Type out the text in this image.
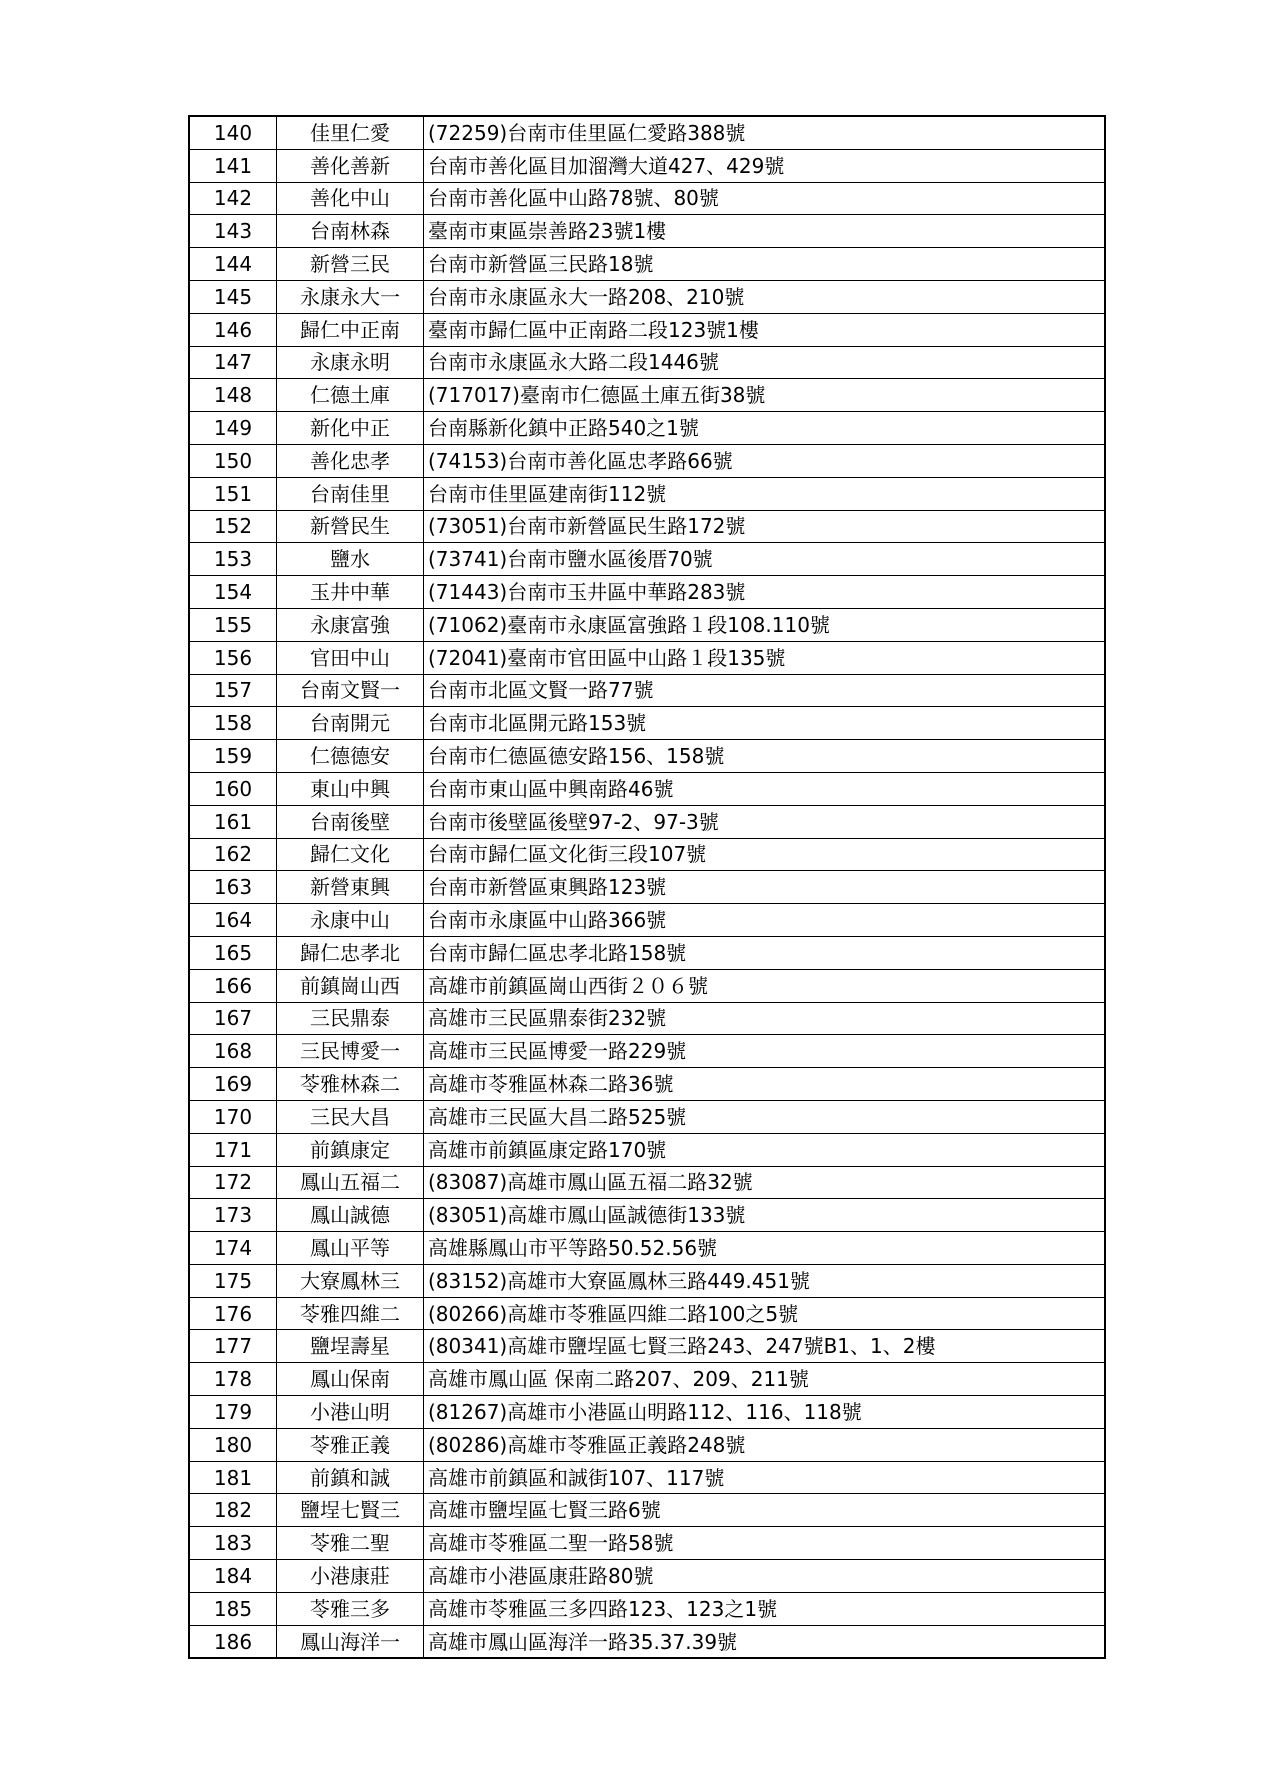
140	佳里仁愛	(72259)台南市佳里區仁愛路388號
141	善化善新	台南市善化區目加溜灣大道427、429號
142	善化中山	台南市善化區中山路78號、80號
143	台南林森	臺南市東區崇善路23號1樓
144	新營三民	台南市新營區三民路18號
145	永康永大一	台南市永康區永大一路208、210號
146	歸仁中正南	臺南市歸仁區中正南路二段123號1樓
147	永康永明	台南市永康區永大路二段1446號
148	仁德土庫	(717017)臺南市仁德區土庫五街38號
149	新化中正	台南縣新化鎮中正路540之1號
150	善化忠孝	(74153)台南市善化區忠孝路66號
151	台南佳里	台南市佳里區建南街112號
152	新營民生	(73051)台南市新營區民生路172號
153	鹽水	(73741)台南市鹽水區後厝70號
154	玉井中華	(71443)台南市玉井區中華路283號
155	永康富強	(71062)臺南市永康區富強路１段108.110號
156	官田中山	(72041)臺南市官田區中山路１段135號
157	台南文賢一	台南市北區文賢一路77號
158	台南開元	台南市北區開元路153號
159	仁德德安	台南市仁德區德安路156、158號
160	東山中興	台南市東山區中興南路46號
161	台南後壁	台南市後壁區後壁97-2、97-3號
162	歸仁文化	台南市歸仁區文化街三段107號
163	新營東興	台南市新營區東興路123號
164	永康中山	台南市永康區中山路366號
165	歸仁忠孝北	台南市歸仁區忠孝北路158號
166	前鎮崗山西	高雄市前鎮區崗山西街２０６號
167	三民鼎泰	高雄市三民區鼎泰街232號
168	三民博愛一	高雄市三民區博愛一路229號
169	苓雅林森二	高雄市苓雅區林森二路36號
170	三民大昌	高雄市三民區大昌二路525號
171	前鎮康定	高雄市前鎮區康定路170號
172	鳳山五福二	(83087)高雄市鳳山區五福二路32號
173	鳳山誠德	(83051)高雄市鳳山區誠德街133號
174	鳳山平等	高雄縣鳳山市平等路50.52.56號
175	大寮鳳林三	(83152)高雄市大寮區鳳林三路449.451號
176	苓雅四維二	(80266)高雄市苓雅區四維二路100之5號
177	鹽埕壽星	(80341)高雄市鹽埕區七賢三路243、247號B1、1、2樓
178	鳳山保南	高雄市鳳山區 保南二路207、209、211號
179	小港山明	(81267)高雄市小港區山明路112、116、118號
180	苓雅正義	(80286)高雄市苓雅區正義路248號
181	前鎮和誠	高雄市前鎮區和誠街107、117號
182	鹽埕七賢三	高雄市鹽埕區七賢三路6號
183	苓雅二聖	高雄市苓雅區二聖一路58號
184	小港康莊	高雄市小港區康莊路80號
185	苓雅三多	高雄市苓雅區三多四路123、123之1號
186	鳳山海洋一	高雄市鳳山區海洋一路35.37.39號
